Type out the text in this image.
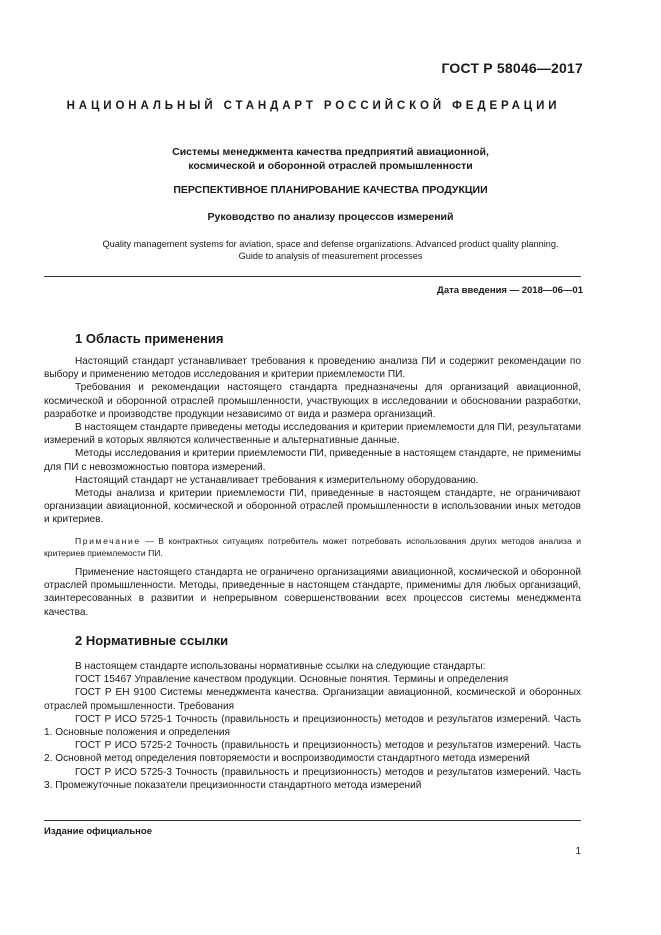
ГОСТ Р 58046—2017
НАЦИОНАЛЬНЫЙ СТАНДАРТ РОССИЙСКОЙ ФЕДЕРАЦИИ
Системы менеджмента качества предприятий авиационной,
космической и оборонной отраслей промышленности
ПЕРСПЕКТИВНОЕ ПЛАНИРОВАНИЕ КАЧЕСТВА ПРОДУКЦИИ
Руководство по анализу процессов измерений
Quality management systems for aviation, space and defense organizations. Advanced product quality planning.
Guide to analysis of measurement processes
Дата введения — 2018—06—01
1 Область применения

Настоящий стандарт устанавливает требования к проведению анализа ПИ и содержит рекомендации по выбору и применению методов исследования и критерии приемлемости ПИ.

Требования и рекомендации настоящего стандарта предназначены для организаций авиационной, космической и оборонной отраслей промышленности, участвующих в исследовании и обосновании разработки, разработке и производстве продукции независимо от вида и размера организаций.

В настоящем стандарте приведены методы исследования и критерии приемлемости для ПИ, результатами измерений в которых являются количественные и альтернативные данные.

Методы исследования и критерии приемлемости ПИ, приведенные в настоящем стандарте, не применимы для ПИ с невозможностью повтора измерений.

Настоящий стандарт не устанавливает требования к измерительному оборудованию.

Методы анализа и критерии приемлемости ПИ, приведенные в настоящем стандарте, не ограничивают организации авиационной, космической и оборонной отраслей промышленности в использовании иных методов и критериев.

Примечание — В контрактных ситуациях потребитель может потребовать использования других методов анализа и критериев приемлемости ПИ.

Применение настоящего стандарта не ограничено организациями авиационной, космической и оборонной отраслей промышленности. Методы, приведенные в настоящем стандарте, применимы для любых организаций, заинтересованных в развитии и непрерывном совершенствовании всех процессов системы менеджмента качества.

2 Нормативные ссылки

В настоящем стандарте использованы нормативные ссылки на следующие стандарты:

ГОСТ 15467 Управление качеством продукции. Основные понятия. Термины и определения

ГОСТ Р ЕН 9100 Системы менеджмента качества. Организации авиационной, космической и оборонных отраслей промышленности. Требования

ГОСТ Р ИСО 5725-1 Точность (правильность и прецизионность) методов и результатов измерений. Часть 1. Основные положения и определения

ГОСТ Р ИСО 5725-2 Точность (правильность и прецизионность) методов и результатов измерений. Часть 2. Основной метод определения повторяемости и воспроизводимости стандартного метода измерений

ГОСТ Р ИСО 5725-3 Точность (правильность и прецизионность) методов и результатов измерений. Часть 3. Промежуточные показатели прецизионности стандартного метода измерений

Издание официальное
1
